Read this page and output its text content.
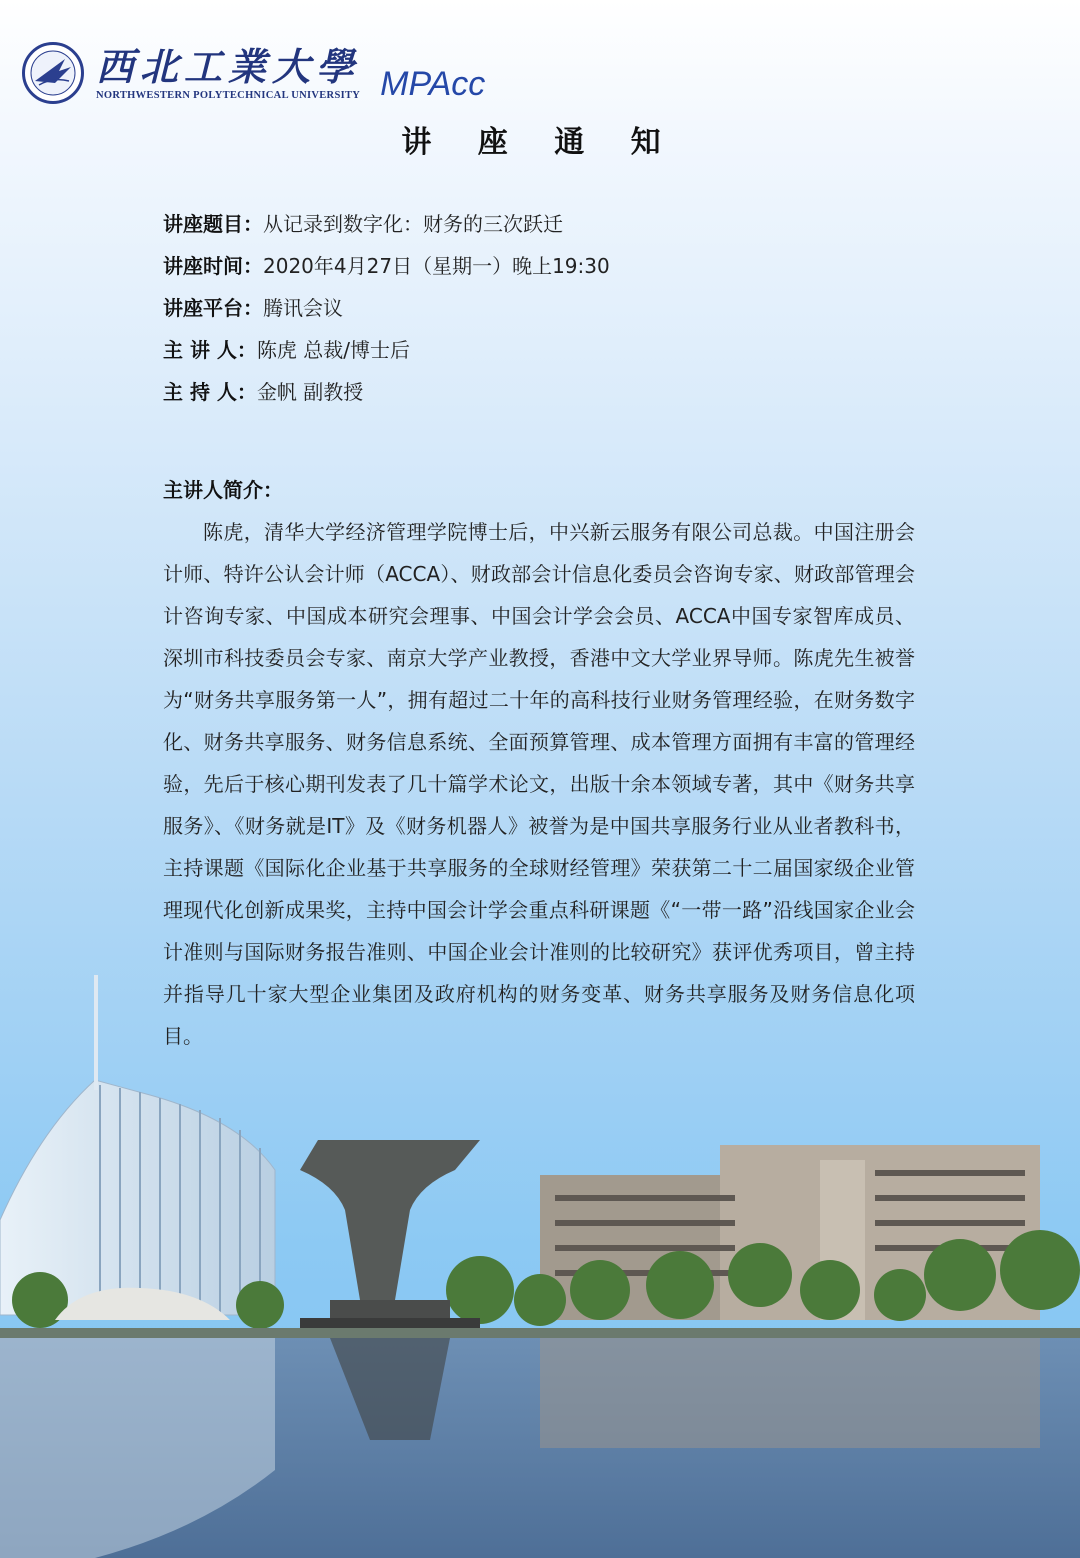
西北工業大學
NORTHWESTERN POLYTECHNICAL UNIVERSITY MPAcc
讲 座 通 知
讲座题目：从记录到数字化：财务的三次跃迁
讲座时间：2020年4月27日（星期一）晚上19:30
讲座平台：腾讯会议
主 讲 人：陈虎 总裁/博士后
主 持 人：金帆 副教授
主讲人简介：

陈虎，清华大学经济管理学院博士后，中兴新云服务有限公司总裁。中国注册会计师、特许公认会计师（ACCA）、财政部会计信息化委员会咨询专家、财政部管理会计咨询专家、中国成本研究会理事、中国会计学会会员、ACCA中国专家智库成员、深圳市科技委员会专家、南京大学产业教授，香港中文大学业界导师。陈虎先生被誉为“财务共享服务第一人”，拥有超过二十年的高科技行业财务管理经验，在财务数字化、财务共享服务、财务信息系统、全面预算管理、成本管理方面拥有丰富的管理经验，先后于核心期刊发表了几十篇学术论文，出版十余本领域专著，其中《财务共享服务》、《财务就是IT》及《财务机器人》被誉为是中国共享服务行业从业者教科书，主持课题《国际化企业基于共享服务的全球财经管理》荣获第二十二届国家级企业管理现代化创新成果奖，主持中国会计学会重点科研课题《“一带一路”沿线国家企业会计准则与国际财务报告准则、中国企业会计准则的比较研究》获评优秀项目，曾主持并指导几十家大型企业集团及政府机构的财务变革、财务共享服务及财务信息化项目。
